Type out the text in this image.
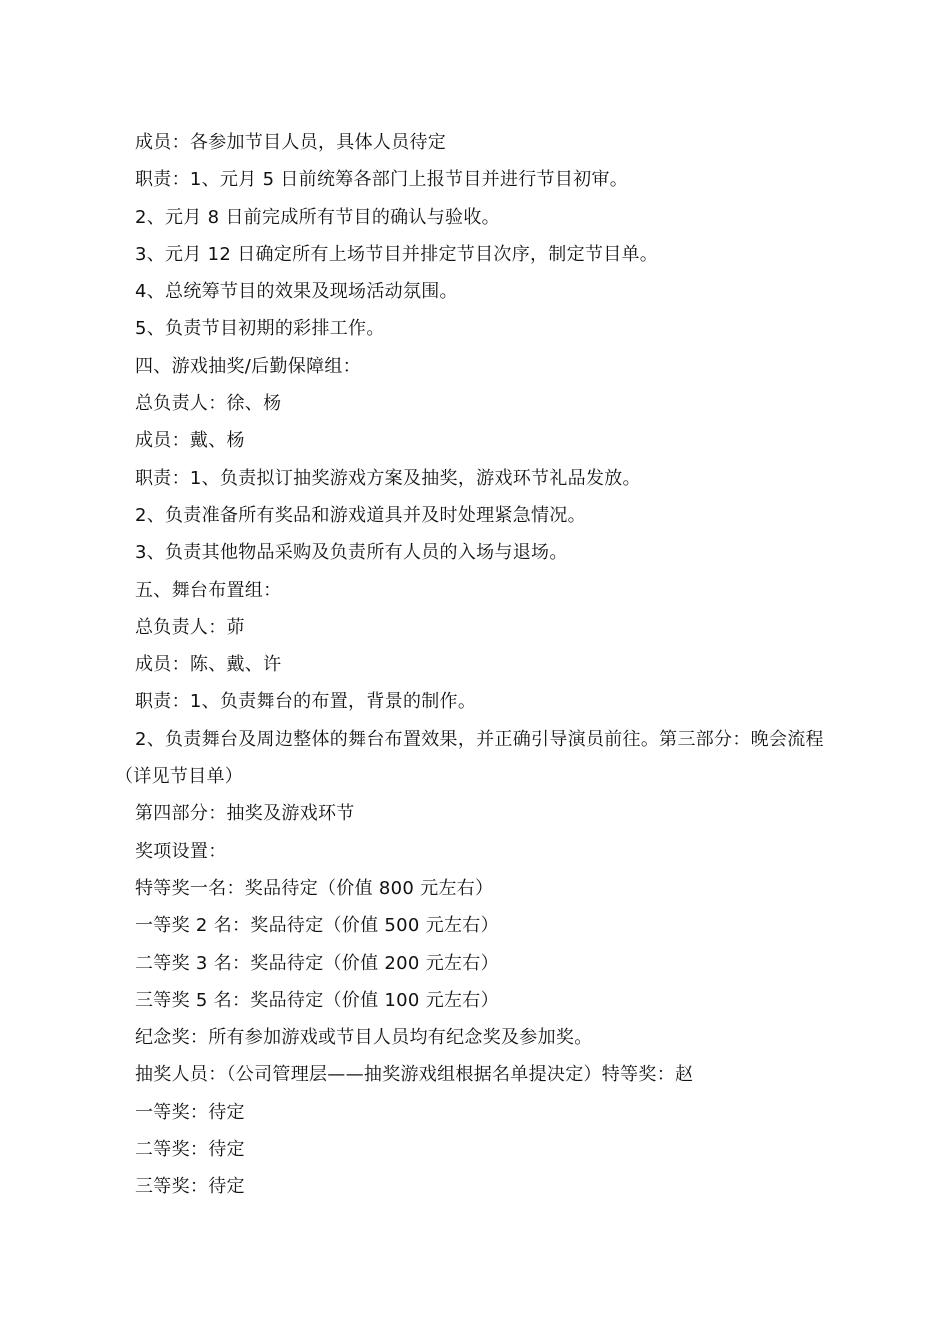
成员：各参加节目人员，具体人员待定
职责：1、元月 5 日前统筹各部门上报节目并进行节目初审。
2、元月 8 日前完成所有节目的确认与验收。
3、元月 12 日确定所有上场节目并排定节目次序，制定节目单。
4、总统筹节目的效果及现场活动氛围。
5、负责节目初期的彩排工作。
四、游戏抽奖/后勤保障组：
总负责人：徐、杨
成员：戴、杨
职责：1、负责拟订抽奖游戏方案及抽奖，游戏环节礼品发放。
2、负责准备所有奖品和游戏道具并及时处理紧急情况。
3、负责其他物品采购及负责所有人员的入场与退场。
五、舞台布置组：
总负责人：茆
成员：陈、戴、许
职责：1、负责舞台的布置，背景的制作。
2、负责舞台及周边整体的舞台布置效果，并正确引导演员前往。第三部分：晚会流程（详见节目单）
第四部分：抽奖及游戏环节
奖项设置：
特等奖一名：奖品待定（价值 800 元左右）
一等奖 2 名：奖品待定（价值 500 元左右）
二等奖 3 名：奖品待定（价值 200 元左右）
三等奖 5 名：奖品待定（价值 100 元左右）
纪念奖：所有参加游戏或节目人员均有纪念奖及参加奖。
抽奖人员：（公司管理层——抽奖游戏组根据名单提决定）特等奖：赵
一等奖：待定
二等奖：待定
三等奖：待定
